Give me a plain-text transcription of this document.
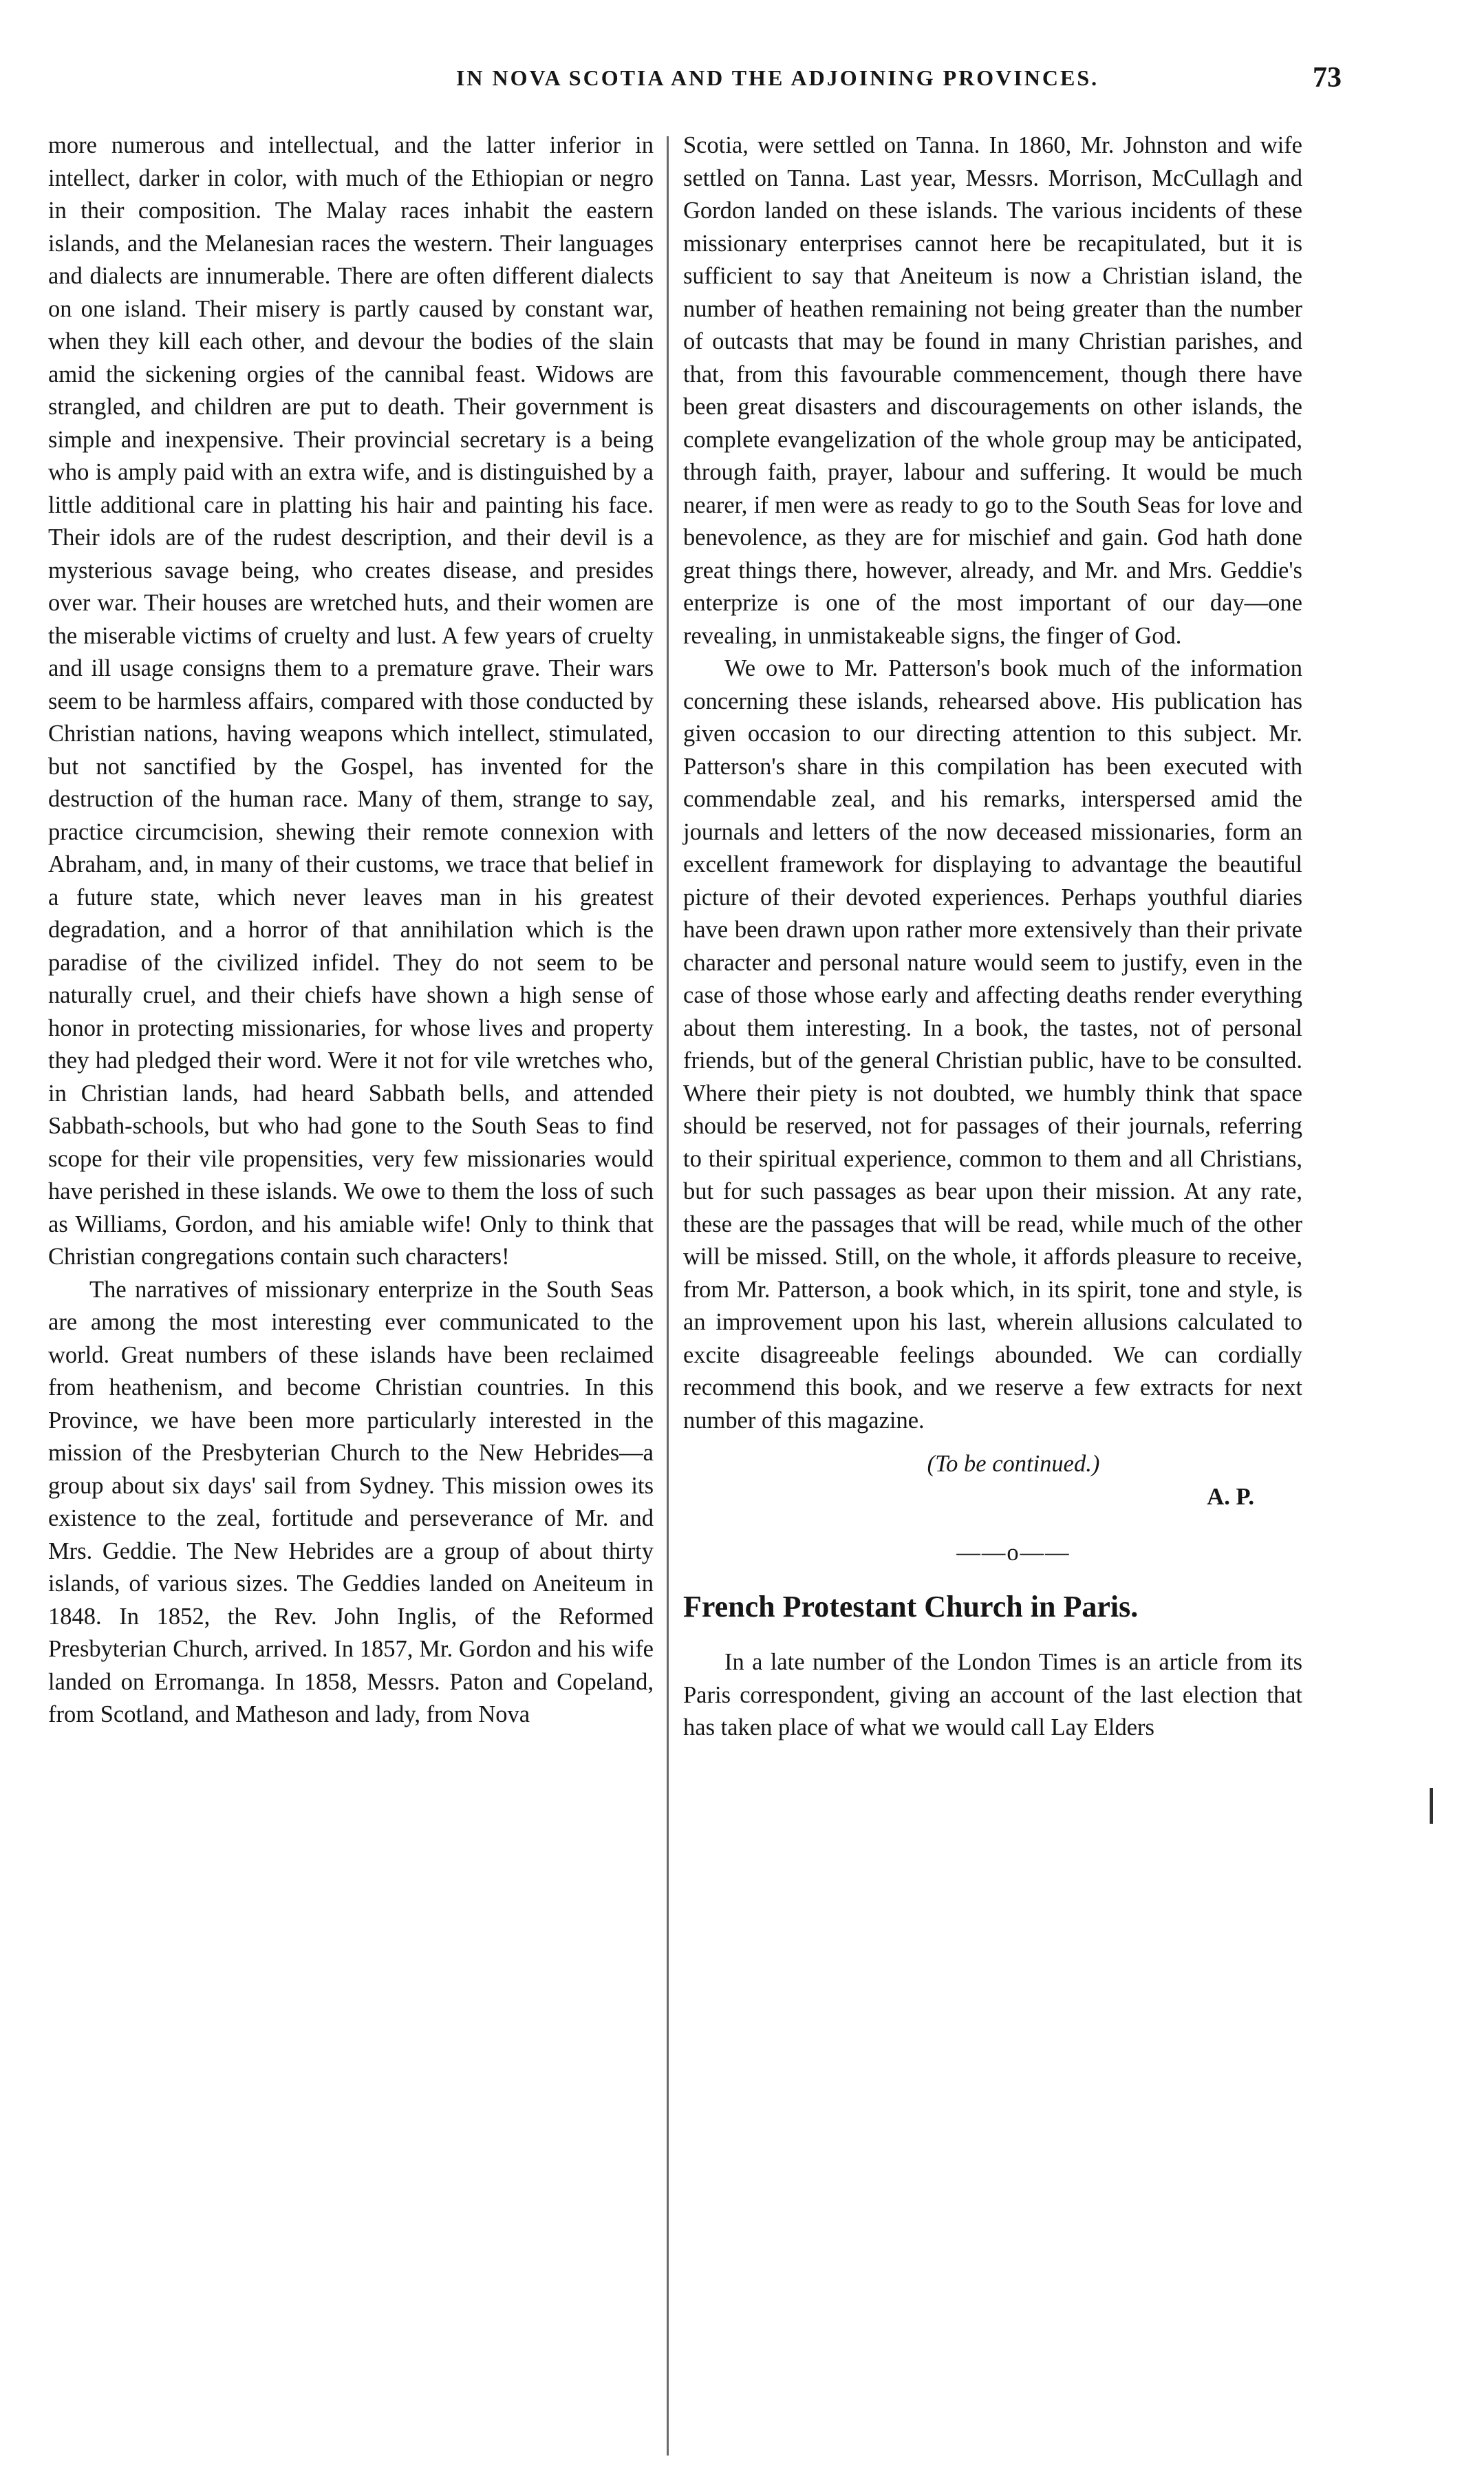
IN NOVA SCOTIA AND THE ADJOINING PROVINCES.	73

more numerous and intellectual, and the latter inferior in intellect, darker in color, with much of the Ethiopian or negro in their composition. The Malay races inhabit the eastern islands, and the Melanesian races the western. Their languages and dialects are innumerable. There are often different dialects on one island. Their misery is partly caused by constant war, when they kill each other, and devour the bodies of the slain amid the sickening orgies of the cannibal feast. Widows are strangled, and children are put to death. Their government is simple and inexpensive. Their provincial secretary is a being who is amply paid with an extra wife, and is distinguished by a little additional care in platting his hair and painting his face. Their idols are of the rudest description, and their devil is a mysterious savage being, who creates disease, and presides over war. Their houses are wretched huts, and their women are the miserable victims of cruelty and lust. A few years of cruelty and ill usage consigns them to a premature grave. Their wars seem to be harmless affairs, compared with those conducted by Christian nations, having weapons which intellect, stimulated, but not sanctified by the Gospel, has invented for the destruction of the human race. Many of them, strange to say, practice circumcision, shewing their remote connexion with Abraham, and, in many of their customs, we trace that belief in a future state, which never leaves man in his greatest degradation, and a horror of that annihilation which is the paradise of the civilized infidel. They do not seem to be naturally cruel, and their chiefs have shown a high sense of honor in protecting missionaries, for whose lives and property they had pledged their word. Were it not for vile wretches who, in Christian lands, had heard Sabbath bells, and attended Sabbath-schools, but who had gone to the South Seas to find scope for their vile propensities, very few missionaries would have perished in these islands. We owe to them the loss of such as Williams, Gordon, and his amiable wife! Only to think that Christian congregations contain such characters!

The narratives of missionary enterprize in the South Seas are among the most interesting ever communicated to the world. Great numbers of these islands have been reclaimed from heathenism, and become Christian countries. In this Province, we have been more particularly interested in the mission of the Presbyterian Church to the New Hebrides—a group about six days' sail from Sydney. This mission owes its existence to the zeal, fortitude and perseverance of Mr. and Mrs. Geddie. The New Hebrides are a group of about thirty islands, of various sizes. The Geddies landed on Aneiteum in 1848. In 1852, the Rev. John Inglis, of the Reformed Presbyterian Church, arrived. In 1857, Mr. Gordon and his wife landed on Erromanga. In 1858, Messrs. Paton and Copeland, from Scotland, and Matheson and lady, from Nova

Scotia, were settled on Tanna. In 1860, Mr. Johnston and wife settled on Tanna. Last year, Messrs. Morrison, McCullagh and Gordon landed on these islands. The various incidents of these missionary enterprises cannot here be recapitulated, but it is sufficient to say that Aneiteum is now a Christian island, the number of heathen remaining not being greater than the number of outcasts that may be found in many Christian parishes, and that, from this favourable commencement, though there have been great disasters and discouragements on other islands, the complete evangelization of the whole group may be anticipated, through faith, prayer, labour and suffering. It would be much nearer, if men were as ready to go to the South Seas for love and benevolence, as they are for mischief and gain. God hath done great things there, however, already, and Mr. and Mrs. Geddie's enterprize is one of the most important of our day—one revealing, in unmistakeable signs, the finger of God.

We owe to Mr. Patterson's book much of the information concerning these islands, rehearsed above. His publication has given occasion to our directing attention to this subject. Mr. Patterson's share in this compilation has been executed with commendable zeal, and his remarks, interspersed amid the journals and letters of the now deceased missionaries, form an excellent framework for displaying to advantage the beautiful picture of their devoted experiences. Perhaps youthful diaries have been drawn upon rather more extensively than their private character and personal nature would seem to justify, even in the case of those whose early and affecting deaths render everything about them interesting. In a book, the tastes, not of personal friends, but of the general Christian public, have to be consulted. Where their piety is not doubted, we humbly think that space should be reserved, not for passages of their journals, referring to their spiritual experience, common to them and all Christians, but for such passages as bear upon their mission. At any rate, these are the passages that will be read, while much of the other will be missed. Still, on the whole, it affords pleasure to receive, from Mr. Patterson, a book which, in its spirit, tone and style, is an improvement upon his last, wherein allusions calculated to excite disagreeable feelings abounded. We can cordially recommend this book, and we reserve a few extracts for next number of this magazine.

(To be continued.)

A. P.

——o——

French Protestant Church in Paris.

In a late number of the London Times is an article from its Paris correspondent, giving an account of the last election that has taken place of what we would call Lay Elders
